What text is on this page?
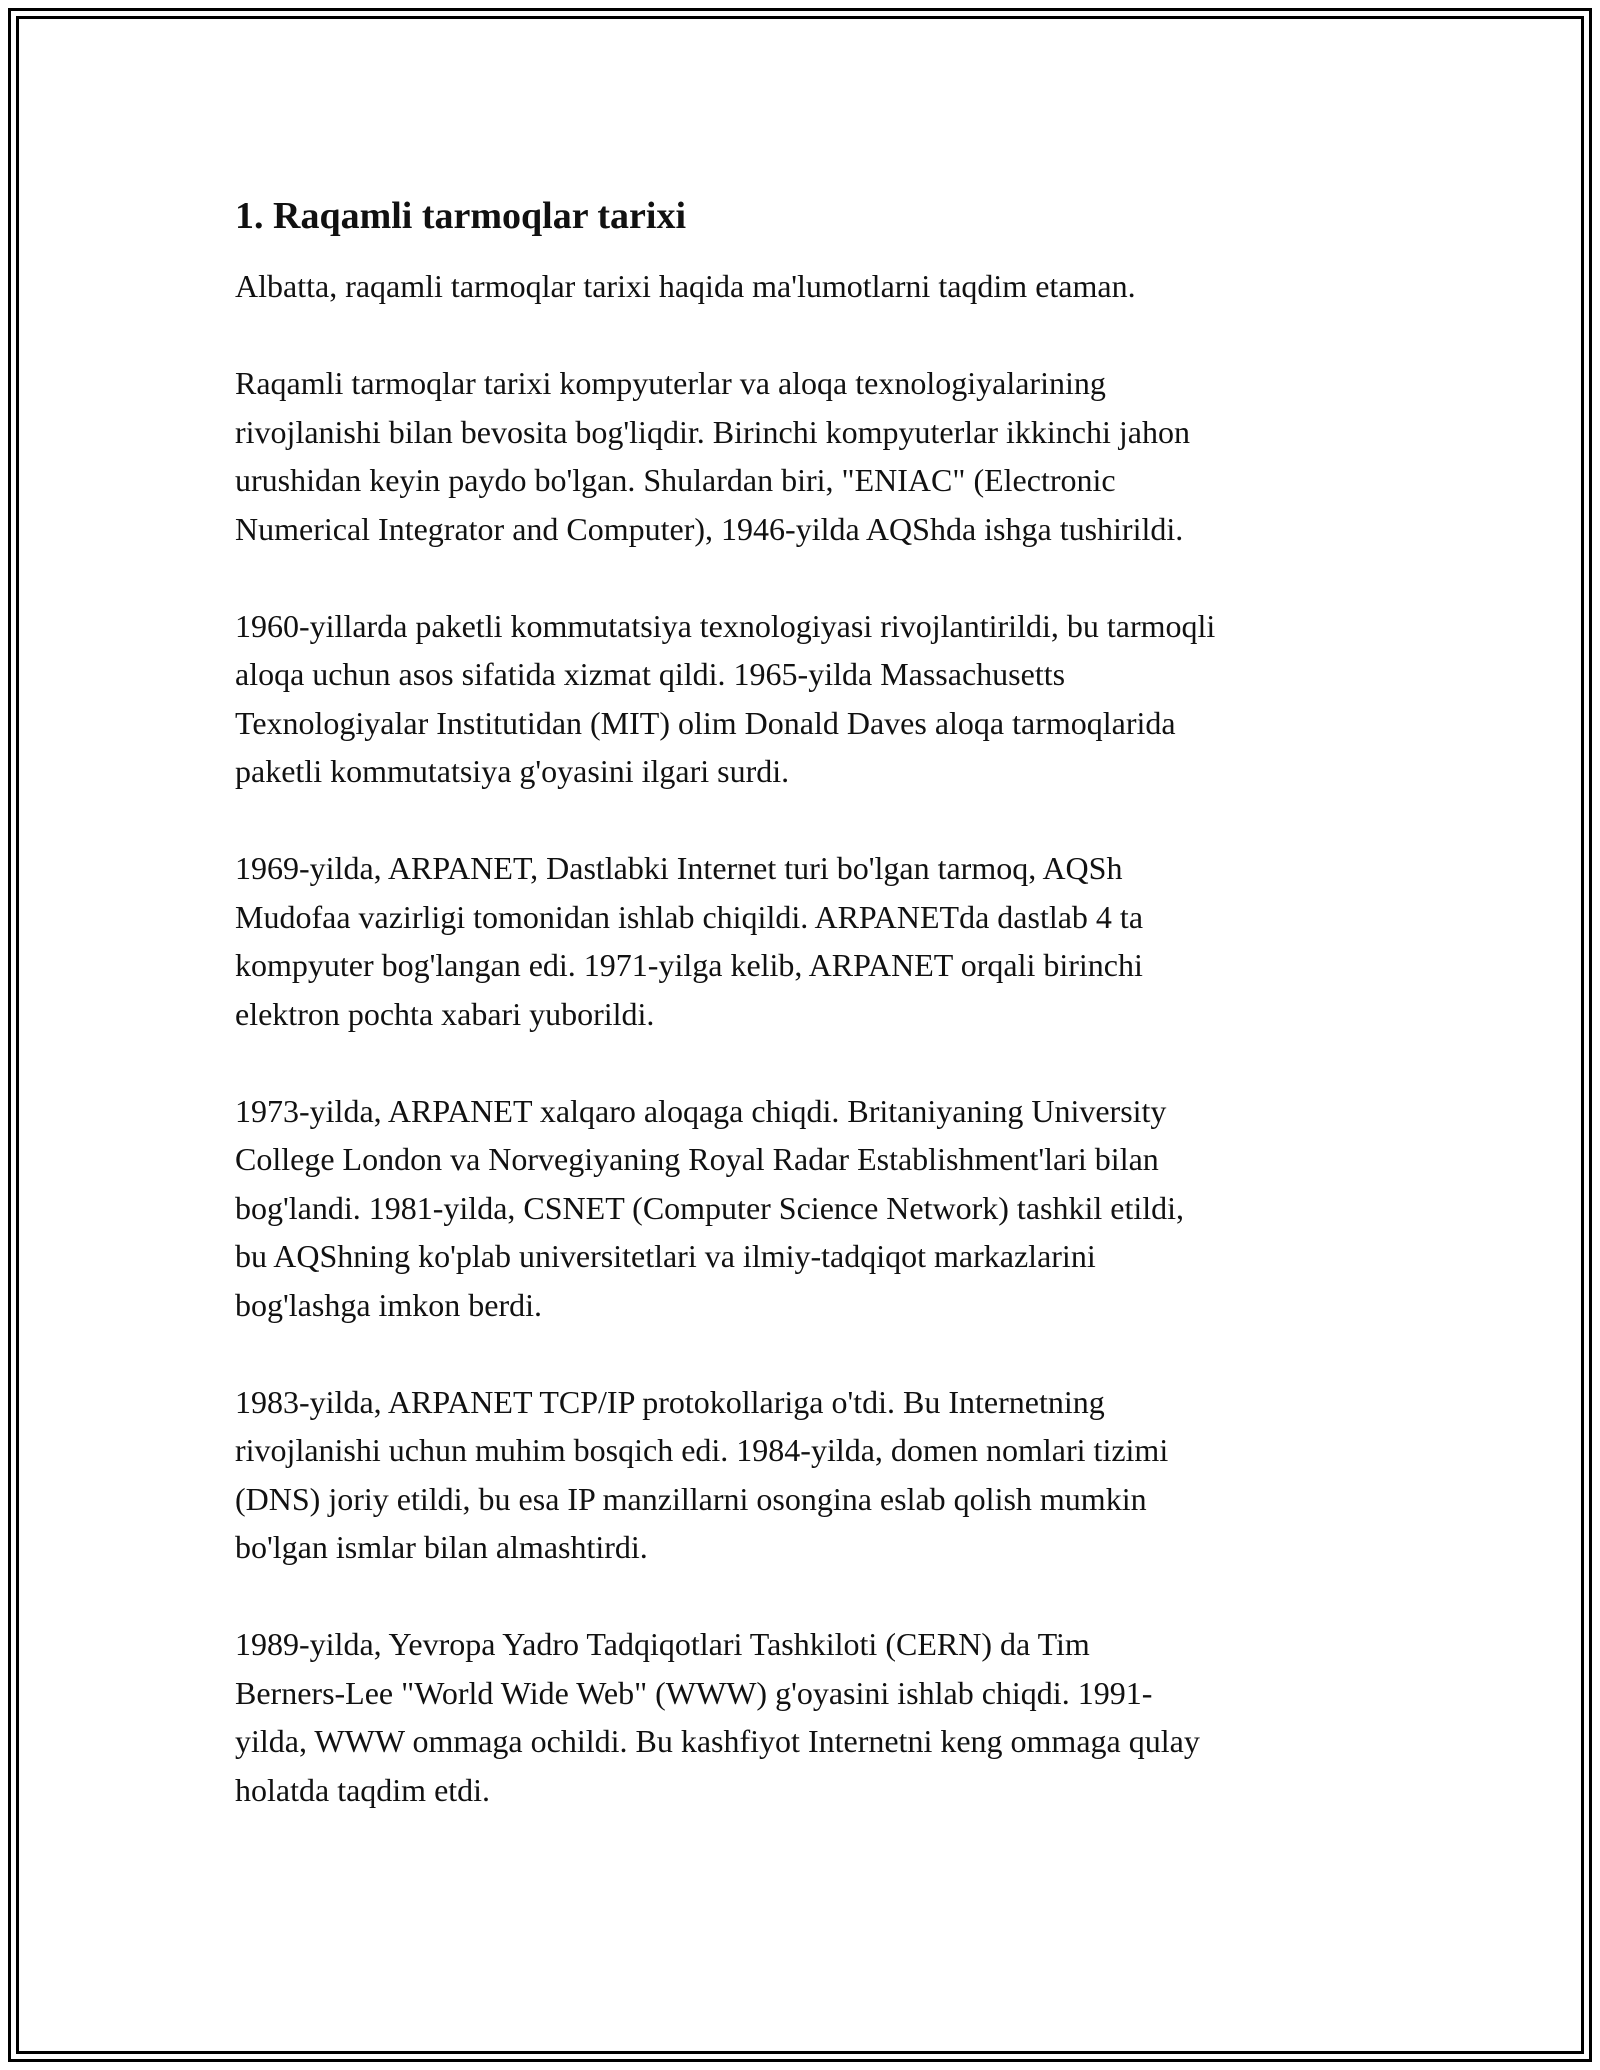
1. Raqamli tarmoqlar tarixi

Albatta, raqamli tarmoqlar tarixi haqida ma'lumotlarni taqdim etaman.

Raqamli tarmoqlar tarixi kompyuterlar va aloqa texnologiyalarining
rivojlanishi bilan bevosita bog'liqdir. Birinchi kompyuterlar ikkinchi jahon
urushidan keyin paydo bo'lgan. Shulardan biri, "ENIAC" (Electronic
Numerical Integrator and Computer), 1946-yilda AQShda ishga tushirildi.

1960-yillarda paketli kommutatsiya texnologiyasi rivojlantirildi, bu tarmoqli
aloqa uchun asos sifatida xizmat qildi. 1965-yilda Massachusetts
Texnologiyalar Institutidan (MIT) olim Donald Daves aloqa tarmoqlarida
paketli kommutatsiya g'oyasini ilgari surdi.

1969-yilda, ARPANET, Dastlabki Internet turi bo'lgan tarmoq, AQSh
Mudofaa vazirligi tomonidan ishlab chiqildi. ARPANETda dastlab 4 ta
kompyuter bog'langan edi. 1971-yilga kelib, ARPANET orqali birinchi
elektron pochta xabari yuborildi.

1973-yilda, ARPANET xalqaro aloqaga chiqdi. Britaniyaning University
College London va Norvegiyaning Royal Radar Establishment'lari bilan
bog'landi. 1981-yilda, CSNET (Computer Science Network) tashkil etildi,
bu AQShning ko'plab universitetlari va ilmiy-tadqiqot markazlarini
bog'lashga imkon berdi.

1983-yilda, ARPANET TCP/IP protokollariga o'tdi. Bu Internetning
rivojlanishi uchun muhim bosqich edi. 1984-yilda, domen nomlari tizimi
(DNS) joriy etildi, bu esa IP manzillarni osongina eslab qolish mumkin
bo'lgan ismlar bilan almashtirdi.

1989-yilda, Yevropa Yadro Tadqiqotlari Tashkiloti (CERN) da Tim
Berners-Lee "World Wide Web" (WWW) g'oyasini ishlab chiqdi. 1991-
yilda, WWW ommaga ochildi. Bu kashfiyot Internetni keng ommaga qulay
holatda taqdim etdi.
